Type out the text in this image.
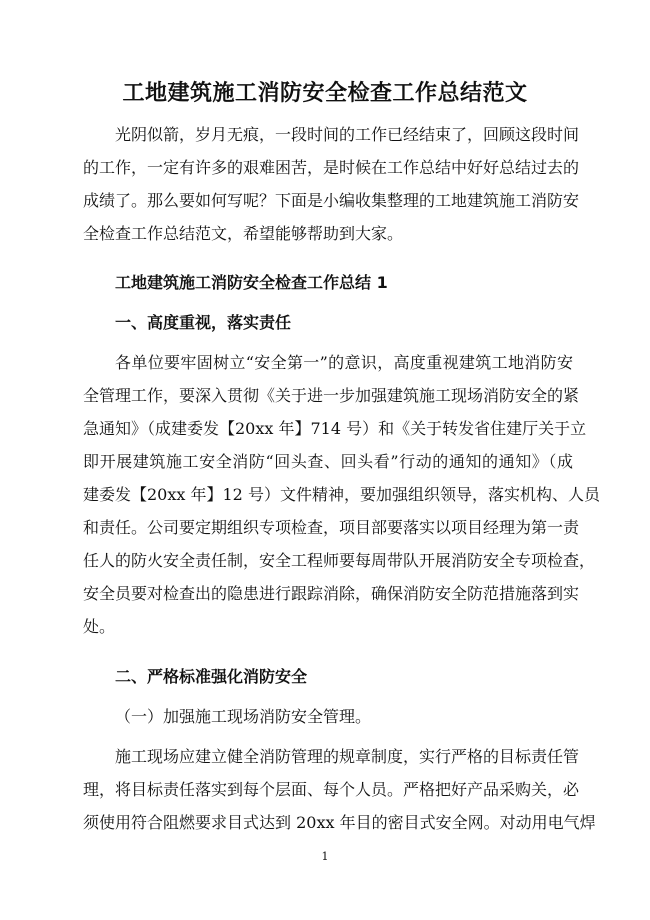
工地建筑施工消防安全检查工作总结范文
光阴似箭，岁月无痕，一段时间的工作已经结束了，回顾这段时间
的工作，一定有许多的艰难困苦，是时候在工作总结中好好总结过去的
成绩了。那么要如何写呢？下面是小编收集整理的工地建筑施工消防安
全检查工作总结范文，希望能够帮助到大家。
工地建筑施工消防安全检查工作总结 1
一、高度重视，落实责任
各单位要牢固树立“安全第一”的意识，高度重视建筑工地消防安
全管理工作，要深入贯彻《关于进一步加强建筑施工现场消防安全的紧
急通知》（成建委发【20xx 年】714 号）和《关于转发省住建厅关于立
即开展建筑施工安全消防“回头查、回头看”行动的通知的通知》（成
建委发【20xx 年】12 号）文件精神，要加强组织领导，落实机构、人员
和责任。公司要定期组织专项检查，项目部要落实以项目经理为第一责
任人的防火安全责任制，安全工程师要每周带队开展消防安全专项检查，
安全员要对检查出的隐患进行跟踪消除，确保消防安全防范措施落到实
处。
二、严格标准强化消防安全
（一）加强施工现场消防安全管理。
施工现场应建立健全消防管理的规章制度，实行严格的目标责任管
理，将目标责任落实到每个层面、每个人员。严格把好产品采购关，必
须使用符合阻燃要求目式达到 20xx 年目的密目式安全网。对动用电气焊
1
